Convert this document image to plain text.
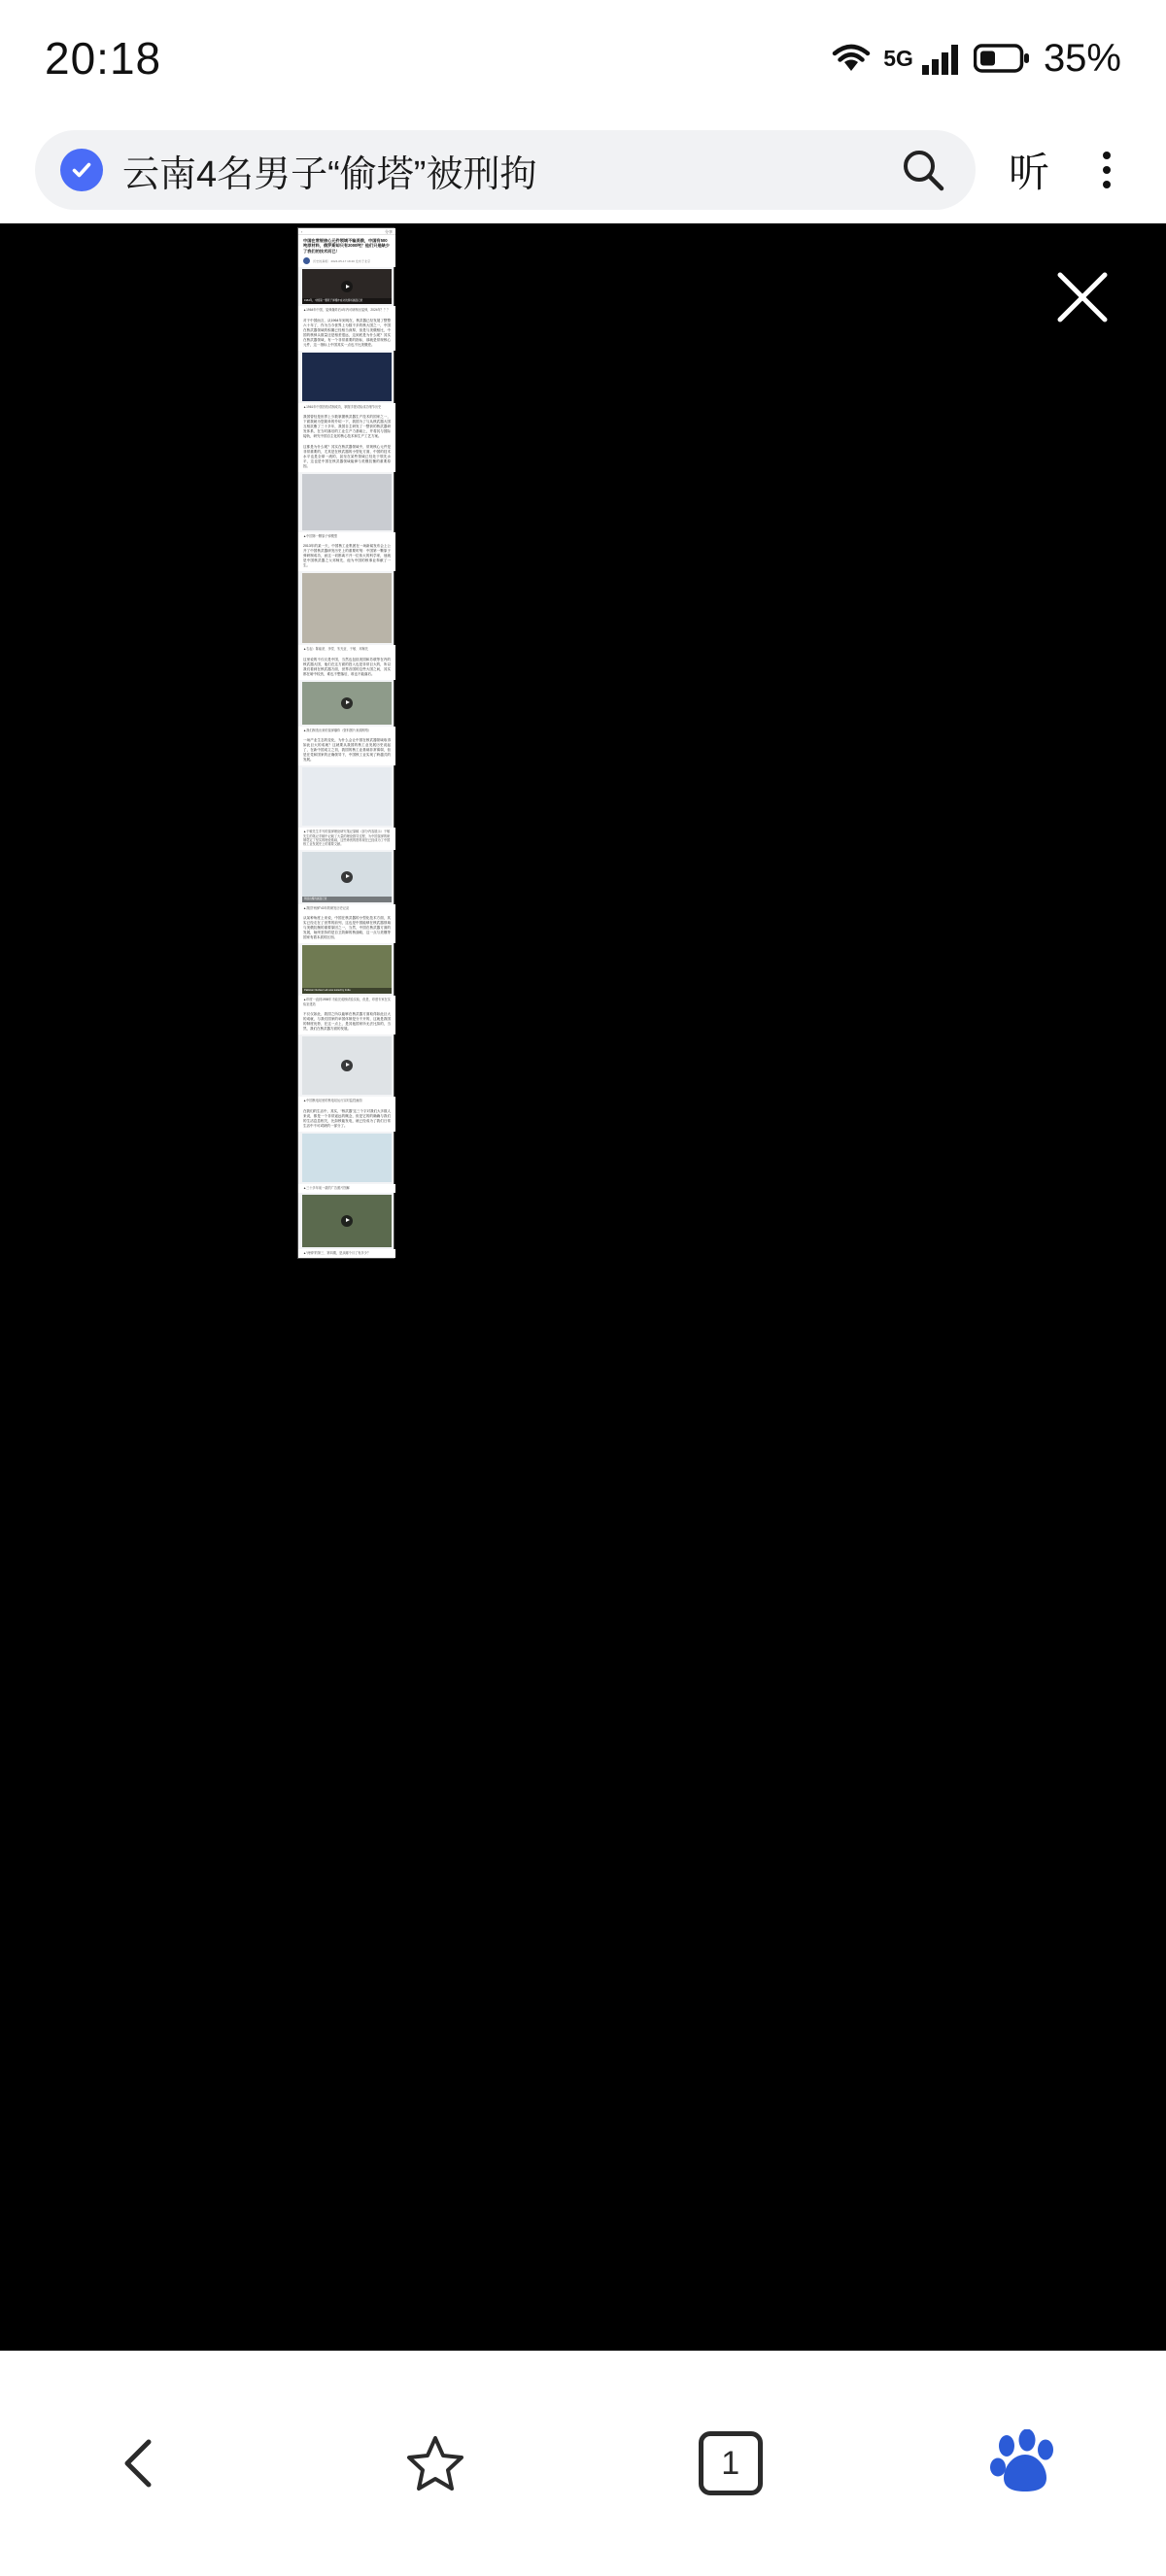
20:18	5G	35%
云南4名男子“偷塔”被刑拘	听
‹	分享
中国在常规核心元件领域不输美俄，中国有500吨原材料，俄罗斯却只有2000吨？他们只是缺少了我们的技术而已！
历史的真相 2024-05-17 18:20 发布于北京
1964年，中国第一颗原子弹爆炸成功的现场画面记录
▲1964年中国，氢弹爆炸后4年内可研制出氢弹，2024年？？？
对于中国而言，从1964年到现在，核武器已经发展了整整六十年了，作为当今世界上为数不多的核大国之一，中国在核武器领域的积累已经相当深厚，但是与美俄相比，中国的核弹头数量还是相差很远，这到底是为什么呢？其实在核武器领域，有一个非常重要的指标，那就是常规核心元件，这一指标上中国其实一点也不比美俄差。
▲1961年中国首枚试制成功，掌握手搓试验成功细节历史
我国曾经是世界上少数掌握核武器生产技术的国家之一，下面我就为您简单的介绍一下，我国为了与从核武器大国互相抗衡了三十多年，我国自主研发了一整套的核武器研发体系，在当时落后的工业生产力基础上，并将其与国际接轨，研究中国自主化的核心技术和生产工艺方案。
这都是为什么呢？其实在核武器领域中，常规核心元件是非常重要的，尤其是在核武器的小型化方面，中国的技术水平也是全球一流的，甚至在某些领域已经处于领先水平，这也是中国在核武器领域能够与美俄抗衡的重要原因。
▲中国第一颗原子弹模型
2013年的某一天，中国核工业集团在一场新闻发布会上公开了中国核武器研发历史上的重要时刻：中国第一颗原子弹研制成功，而这一切都离不开一位伟大的科学家，他就是中国核武器之父邓稼先，他为中国的核事业奉献了一生。
▲右起：陈能宽、李觉、朱光亚、于敏、邓稼先
这里说的不仅仅是中国，当然也包括美国和苏联等在内的核武器大国，他们在这方面的投入也是非常巨大的，所以我们看到在核武器方面，世界各国的这些大国之间，其实都在暗中较劲，谁也不想落后，谁也不能落后。
▲我们制造出来的氢弹爆炸（资料图片来源网络）
一场产业生态的变化，为什么会让中国在核武器领域取得如此巨大的成就？这就要从我国的核工业发展历史说起了，在新中国成立之初，我国的核工业基础非常薄弱，但是在党和国家的正确领导下，中国核工业实现了跨越式的发展。
▲于敏先生手写的氢弹理论研究笔记原稿（部分内容展示）于敏先生的笔记手稿中记载了大量的理论推导过程，为中国氢弹的研制奠定了坚实的理论基础，这些珍贵的资料现在已经成为了中国核工业发展史上的重要文献。
网络拍摄的画面记录
▲我国“两弹”43年的研发历史记录
从某种角度上来说，中国在核武器的小型化技术方面，其实已经走在了世界的前列，这也是中国能够在核武器领域与美俄抗衡的重要原因之一，当然，中国在核武器方面的发展，始终坚持的是自卫防御的核战略，这一点与美俄等国家有着本质的区别。
Pakistan Nuclear Lab was tested by India
▲印度一直到1998年才能完成核试验实验，但是，印度专家在实验室建造
不仅仅如此，我国之所以能够在核武器方面取得如此巨大的成就，与我们国家的举国体制是分不开的，这就是我国的制度优势，在这一点上，是其他国家所无法比拟的，当然，我们在核武器方面的发展。
▲中国核电站里的核电站运行实时监控画面
在我们的生活中，其实，“核武器”这三个字对我们大多数人来说，都是一个非常遥远的概念，但是它的的确确与我们的生活息息相关，比如核能发电，就已经成为了我们日常生活中不可或缺的一部分了。
▲三十多年前一款的广告照片图解
▲“两弹”的第三、第四期，是从哪个月了有多少？
1
